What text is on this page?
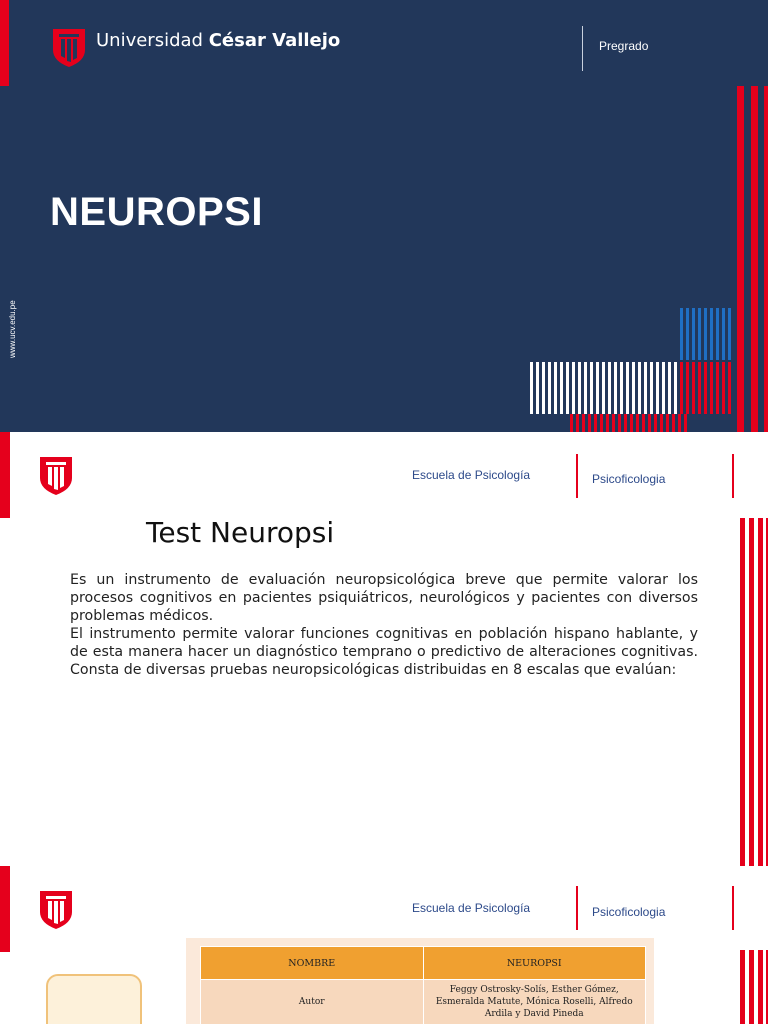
Universidad César Vallejo	Pregrado
NEUROPSI
www.ucv.edu.pe
Escuela de Psicología	Psicoficologia
Test Neuropsi

Es un instrumento de evaluación neuropsicológica breve que permite valorar los procesos cognitivos en pacientes psiquiátricos, neurológicos y pacientes con diversos problemas médicos.

El instrumento permite valorar funciones cognitivas en población hispano hablante, y de esta manera hacer un diagnóstico temprano o predictivo de alteraciones cognitivas. Consta de diversas pruebas neuropsicológicas distribuidas en 8 escalas que evalúan:

Escuela de Psicología	Psicoficologia
NOMBRE	NEUROPSI
Autor	Feggy Ostrosky-Solís, Esther Gómez, Esmeralda Matute, Mónica Roselli, Alfredo Ardila y David Pineda
